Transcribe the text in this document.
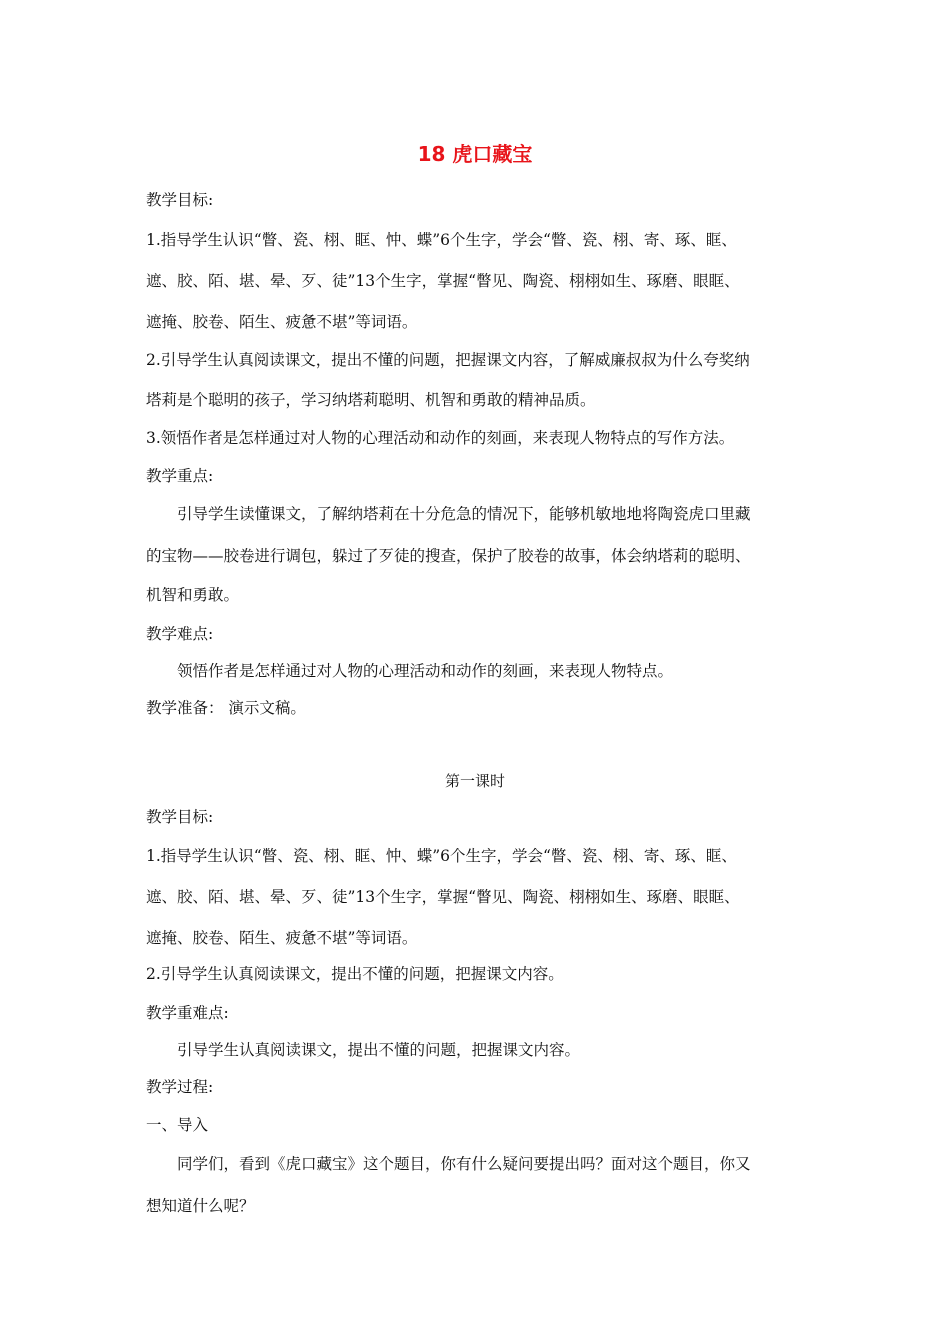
18 虎口藏宝
教学目标:
1.指导学生认识“瞥、瓷、栩、眶、忡、蝶”6个生字，学会“瞥、瓷、栩、寄、琢、眶、
遮、胶、陌、堪、晕、歹、徒”13个生字，掌握“瞥见、陶瓷、栩栩如生、琢磨、眼眶、
遮掩、胶卷、陌生、疲惫不堪”等词语。
2.引导学生认真阅读课文，提出不懂的问题，把握课文内容，了解威廉叔叔为什么夸奖纳
塔莉是个聪明的孩子，学习纳塔莉聪明、机智和勇敢的精神品质。
3.领悟作者是怎样通过对人物的心理活动和动作的刻画，来表现人物特点的写作方法。
教学重点:
引导学生读懂课文，了解纳塔莉在十分危急的情况下，能够机敏地地将陶瓷虎口里藏
的宝物——胶卷进行调包，躲过了歹徒的搜查，保护了胶卷的故事，体会纳塔莉的聪明、
机智和勇敢。
教学难点:
领悟作者是怎样通过对人物的心理活动和动作的刻画，来表现人物特点。
教学准备： 演示文稿。
第一课时
教学目标:
1.指导学生认识“瞥、瓷、栩、眶、忡、蝶”6个生字，学会“瞥、瓷、栩、寄、琢、眶、
遮、胶、陌、堪、晕、歹、徒”13个生字，掌握“瞥见、陶瓷、栩栩如生、琢磨、眼眶、
遮掩、胶卷、陌生、疲惫不堪”等词语。
2.引导学生认真阅读课文，提出不懂的问题，把握课文内容。
教学重难点:
引导学生认真阅读课文，提出不懂的问题，把握课文内容。
教学过程:
一、导入
同学们，看到《虎口藏宝》这个题目，你有什么疑问要提出吗？面对这个题目，你又
想知道什么呢？
